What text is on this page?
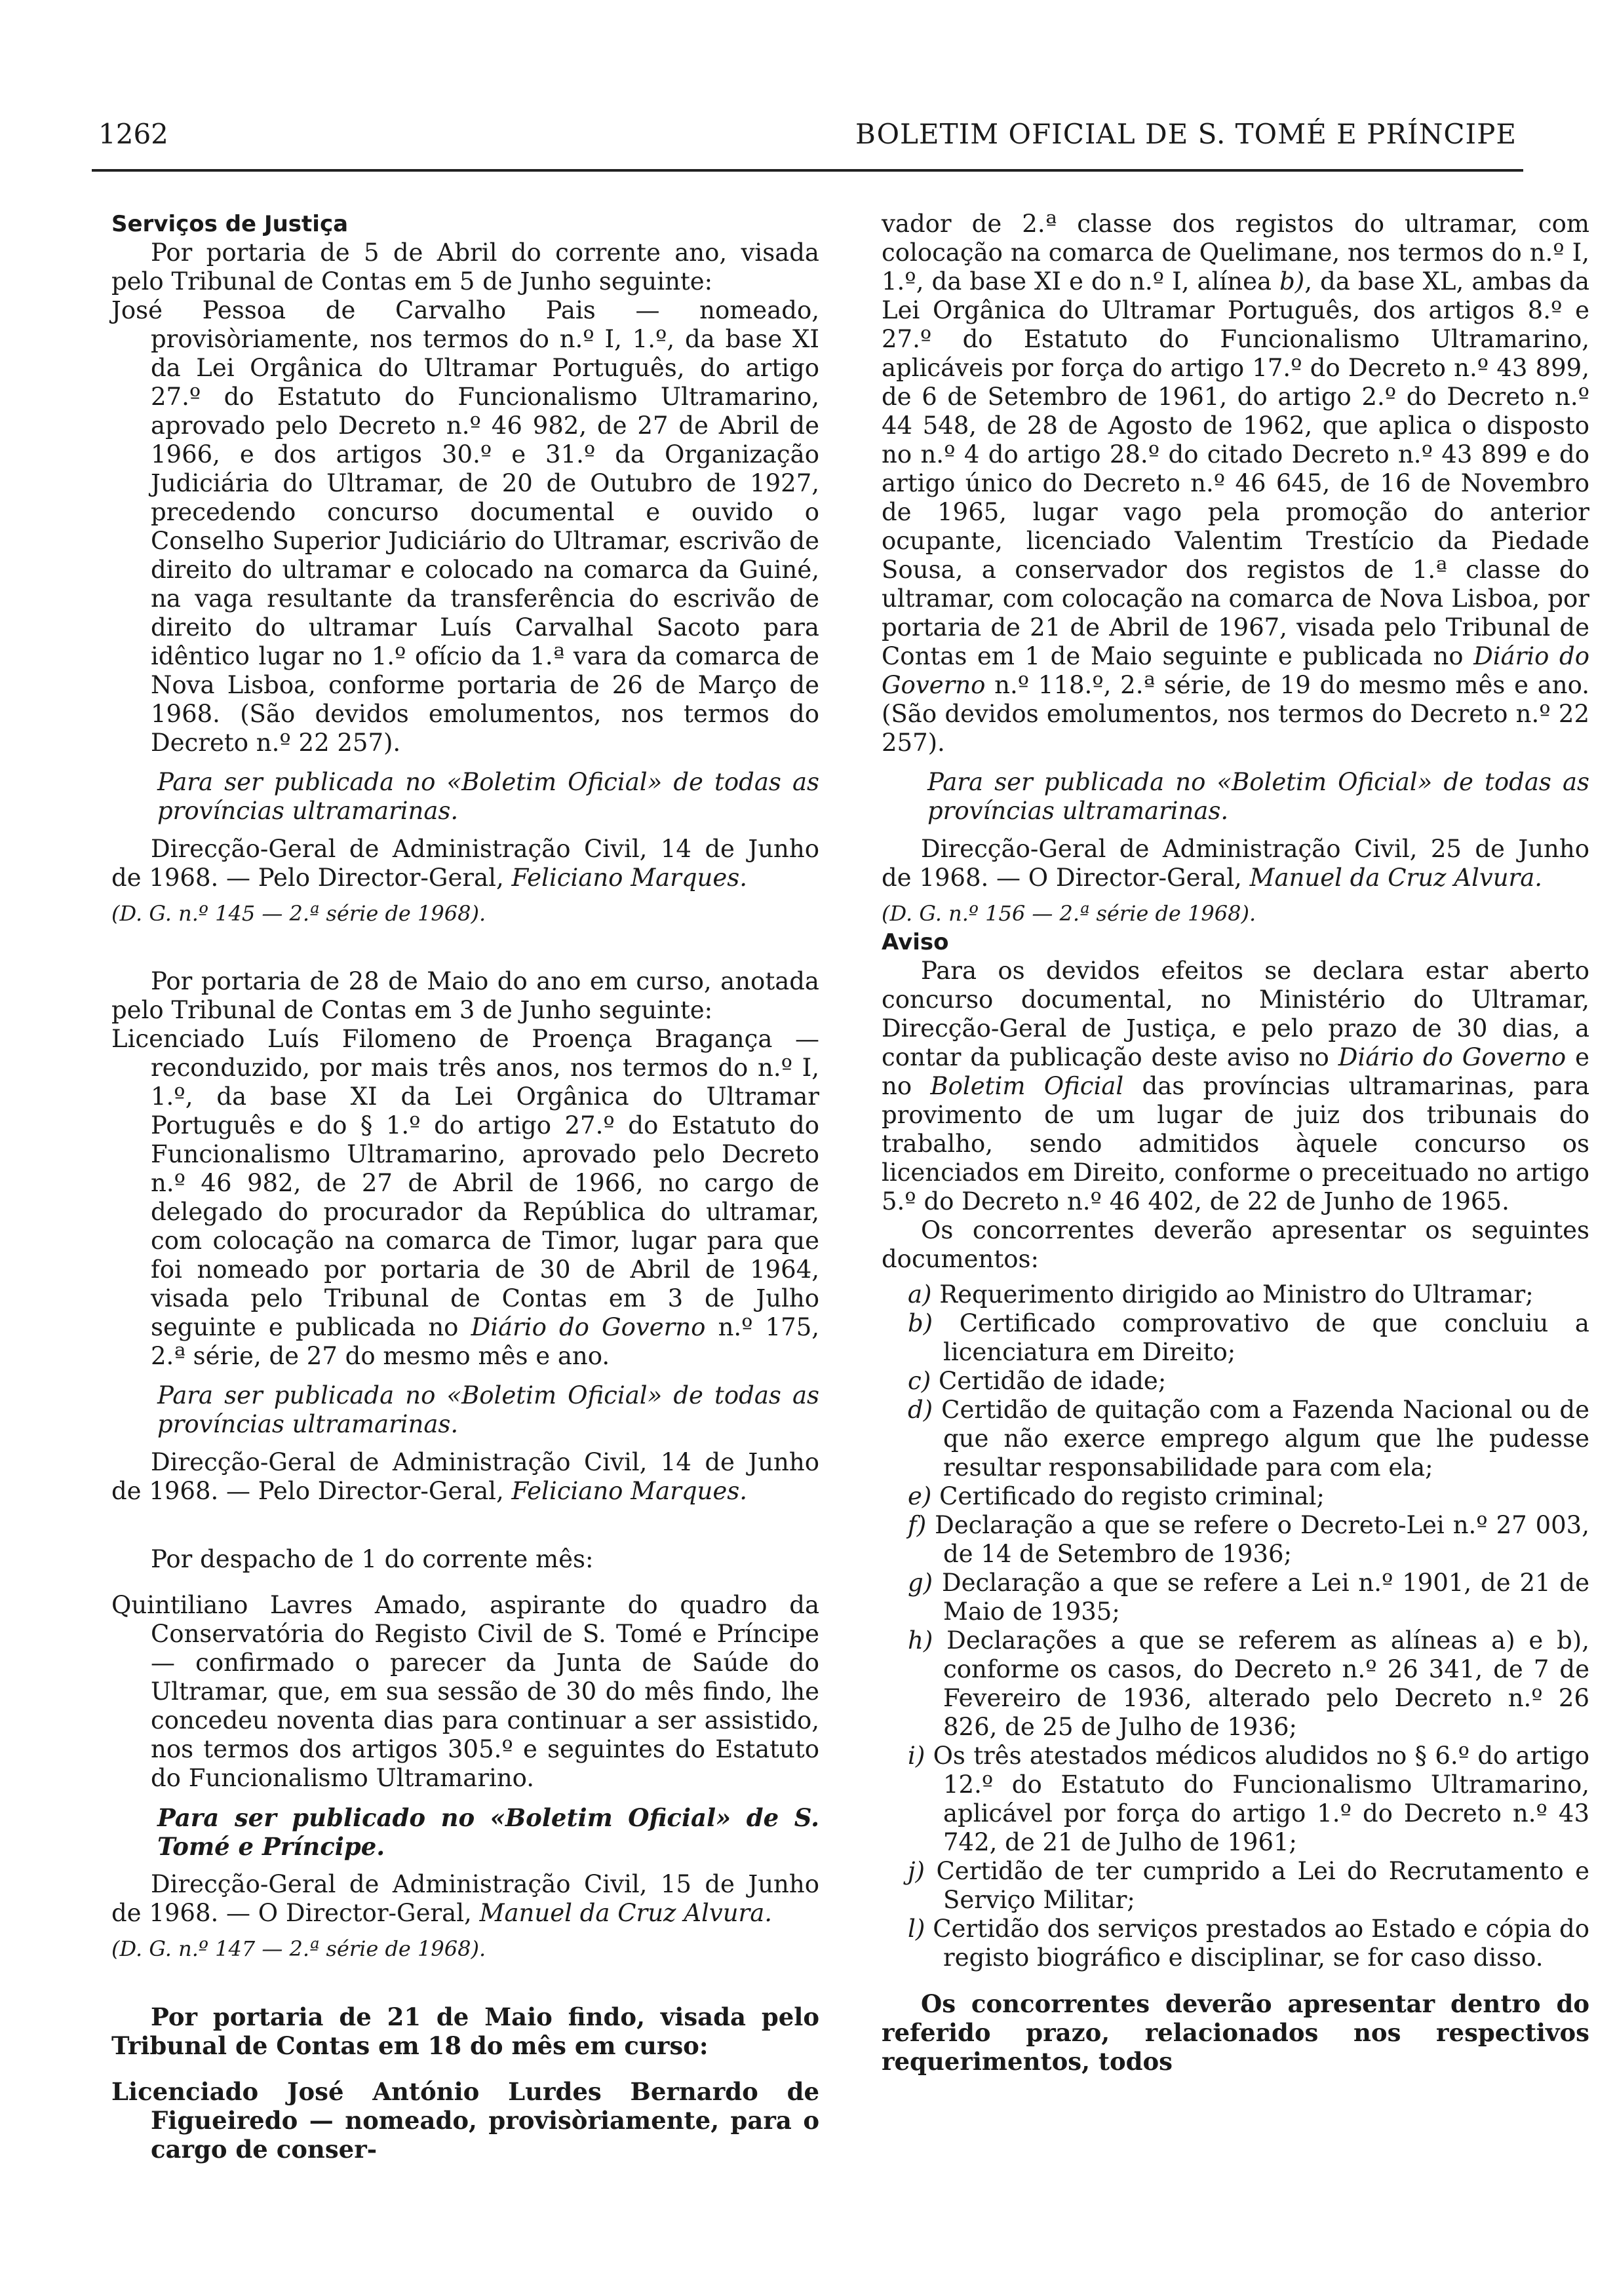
1262	BOLETIM OFICIAL DE S. TOMÉ E PRÍNCIPE

Serviços de Justiça

Por portaria de 5 de Abril do corrente ano, visada pelo Tribunal de Contas em 5 de Junho seguinte:

José Pessoa de Carvalho Pais — nomeado, provisòriamente, nos termos do n.º I, 1.º, da base XI da Lei Orgânica do Ultramar Português, do artigo 27.º do Estatuto do Funcionalismo Ultramarino, aprovado pelo Decreto n.º 46 982, de 27 de Abril de 1966, e dos artigos 30.º e 31.º da Organização Judiciária do Ultramar, de 20 de Outubro de 1927, precedendo concurso documental e ouvido o Conselho Superior Judiciário do Ultramar, escrivão de direito do ultramar e colocado na comarca da Guiné, na vaga resultante da transferência do escrivão de direito do ultramar Luís Carvalhal Sacoto para idêntico lugar no 1.º ofício da 1.ª vara da comarca de Nova Lisboa, conforme portaria de 26 de Março de 1968. (São devidos emolumentos, nos termos do Decreto n.º 22 257).

Para ser publicada no «Boletim Oficial» de todas as províncias ultramarinas.

Direcção-Geral de Administração Civil, 14 de Junho de 1968. — Pelo Director-Geral, Feliciano Marques.

(D. G. n.º 145 — 2.ª série de 1968).

Por portaria de 28 de Maio do ano em curso, anotada pelo Tribunal de Contas em 3 de Junho seguinte:

Licenciado Luís Filomeno de Proença Bragança — reconduzido, por mais três anos, nos termos do n.º I, 1.º, da base XI da Lei Orgânica do Ultramar Português e do § 1.º do artigo 27.º do Estatuto do Funcionalismo Ultramarino, aprovado pelo Decreto n.º 46 982, de 27 de Abril de 1966, no cargo de delegado do procurador da República do ultramar, com colocação na comarca de Timor, lugar para que foi nomeado por portaria de 30 de Abril de 1964, visada pelo Tribunal de Contas em 3 de Julho seguinte e publicada no Diário do Governo n.º 175, 2.ª série, de 27 do mesmo mês e ano.

Para ser publicada no «Boletim Oficial» de todas as províncias ultramarinas.

Direcção-Geral de Administração Civil, 14 de Junho de 1968. — Pelo Director-Geral, Feliciano Marques.

Por despacho de 1 do corrente mês:

Quintiliano Lavres Amado, aspirante do quadro da Conservatória do Registo Civil de S. Tomé e Príncipe — confirmado o parecer da Junta de Saúde do Ultramar, que, em sua sessão de 30 do mês findo, lhe concedeu noventa dias para continuar a ser assistido, nos termos dos artigos 305.º e seguintes do Estatuto do Funcionalismo Ultramarino.

Para ser publicado no «Boletim Oficial» de S. Tomé e Príncipe.

Direcção-Geral de Administração Civil, 15 de Junho de 1968. — O Director-Geral, Manuel da Cruz Alvura.

(D. G. n.º 147 — 2.ª série de 1968).

Por portaria de 21 de Maio findo, visada pelo Tribunal de Contas em 18 do mês em curso:

Licenciado José António Lurdes Bernardo de Figueiredo — nomeado, provisòriamente, para o cargo de conser-

vador de 2.ª classe dos registos do ultramar, com colocação na comarca de Quelimane, nos termos do n.º I, 1.º, da base XI e do n.º I, alínea b), da base XL, ambas da Lei Orgânica do Ultramar Português, dos artigos 8.º e 27.º do Estatuto do Funcionalismo Ultramarino, aplicáveis por força do artigo 17.º do Decreto n.º 43 899, de 6 de Setembro de 1961, do artigo 2.º do Decreto n.º 44 548, de 28 de Agosto de 1962, que aplica o disposto no n.º 4 do artigo 28.º do citado Decreto n.º 43 899 e do artigo único do Decreto n.º 46 645, de 16 de Novembro de 1965, lugar vago pela promoção do anterior ocupante, licenciado Valentim Trestício da Piedade Sousa, a conservador dos registos de 1.ª classe do ultramar, com colocação na comarca de Nova Lisboa, por portaria de 21 de Abril de 1967, visada pelo Tribunal de Contas em 1 de Maio seguinte e publicada no Diário do Governo n.º 118.º, 2.ª série, de 19 do mesmo mês e ano. (São devidos emolumentos, nos termos do Decreto n.º 22 257).

Para ser publicada no «Boletim Oficial» de todas as províncias ultramarinas.

Direcção-Geral de Administração Civil, 25 de Junho de 1968. — O Director-Geral, Manuel da Cruz Alvura.

(D. G. n.º 156 — 2.ª série de 1968).

Aviso

Para os devidos efeitos se declara estar aberto concurso documental, no Ministério do Ultramar, Direcção-Geral de Justiça, e pelo prazo de 30 dias, a contar da publicação deste aviso no Diário do Governo e no Boletim Oficial das províncias ultramarinas, para provimento de um lugar de juiz dos tribunais do trabalho, sendo admitidos àquele concurso os licenciados em Direito, conforme o preceituado no artigo 5.º do Decreto n.º 46 402, de 22 de Junho de 1965.

Os concorrentes deverão apresentar os seguintes documentos:

a) Requerimento dirigido ao Ministro do Ultramar;
b) Certificado comprovativo de que concluiu a licenciatura em Direito;
c) Certidão de idade;
d) Certidão de quitação com a Fazenda Nacional ou de que não exerce emprego algum que lhe pudesse resultar responsabilidade para com ela;
e) Certificado do registo criminal;
f) Declaração a que se refere o Decreto-Lei n.º 27 003, de 14 de Setembro de 1936;
g) Declaração a que se refere a Lei n.º 1901, de 21 de Maio de 1935;
h) Declarações a que se referem as alíneas a) e b), conforme os casos, do Decreto n.º 26 341, de 7 de Fevereiro de 1936, alterado pelo Decreto n.º 26 826, de 25 de Julho de 1936;
i) Os três atestados médicos aludidos no § 6.º do artigo 12.º do Estatuto do Funcionalismo Ultramarino, aplicável por força do artigo 1.º do Decreto n.º 43 742, de 21 de Julho de 1961;
j) Certidão de ter cumprido a Lei do Recrutamento e Serviço Militar;
l) Certidão dos serviços prestados ao Estado e cópia do registo biográfico e disciplinar, se for caso disso.

Os concorrentes deverão apresentar dentro do referido prazo, relacionados nos respectivos requerimentos, todos
